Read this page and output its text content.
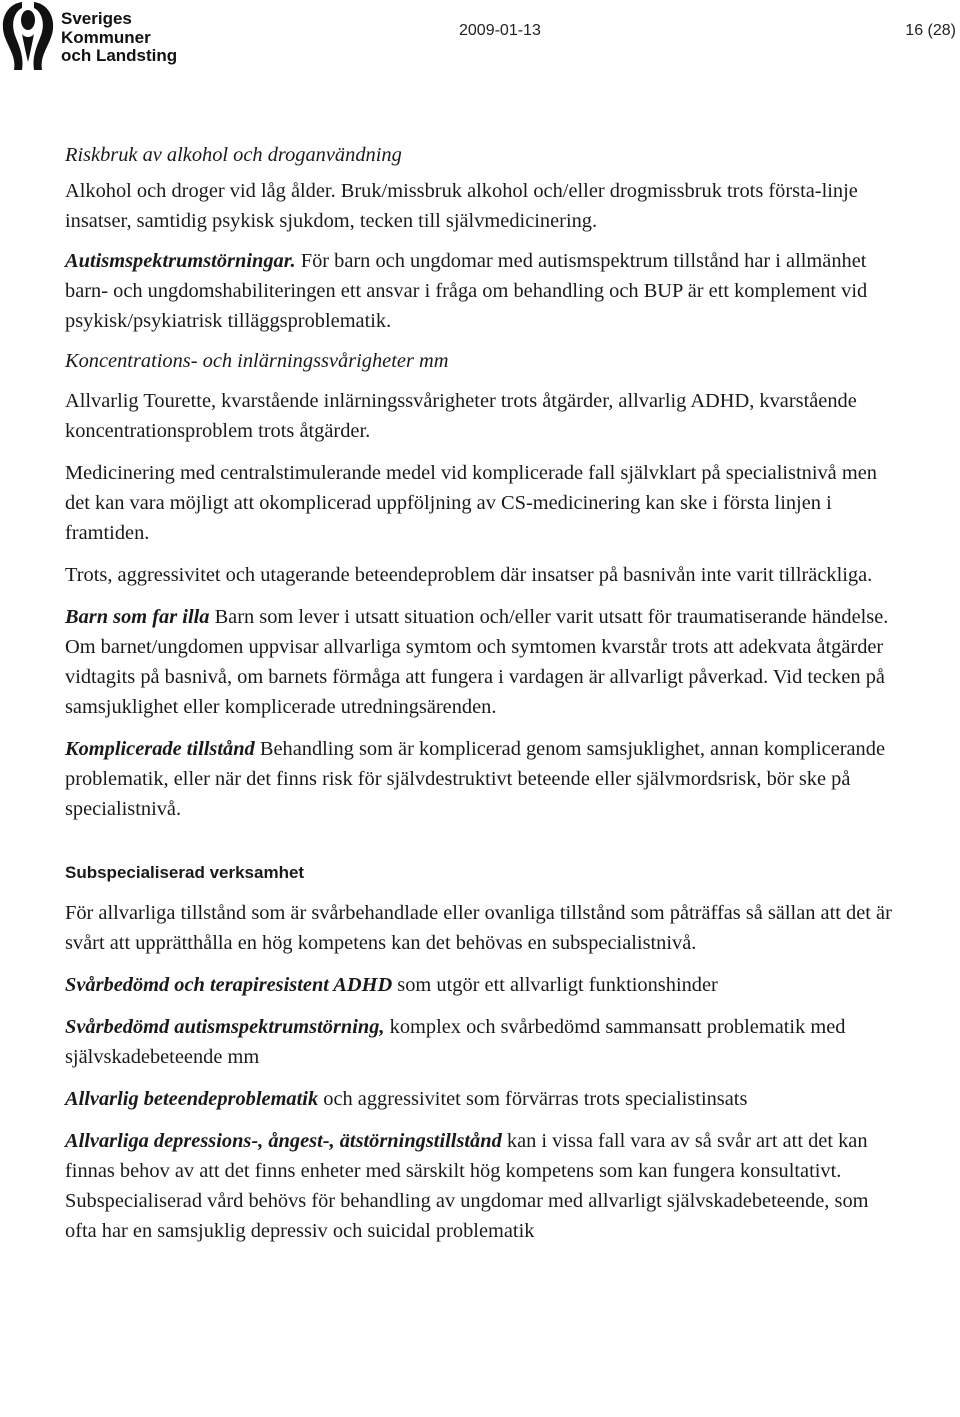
Sveriges
Kommuner
och Landsting
2009-01-13	16 (28)

Riskbruk av alkohol och droganvändning

Alkohol och droger vid låg ålder. Bruk/missbruk alkohol och/eller drogmissbruk trots första-linje insatser, samtidig psykisk sjukdom, tecken till självmedicinering.

Autismspektrumstörningar. För barn och ungdomar med autismspektrum tillstånd har i allmänhet barn- och ungdomshabiliteringen ett ansvar i fråga om behandling och BUP är ett komplement vid psykisk/psykiatrisk tilläggsproblematik.

Koncentrations- och inlärningssvårigheter mm

Allvarlig Tourette, kvarstående inlärningssvårigheter trots åtgärder, allvarlig ADHD, kvarstående koncentrationsproblem trots åtgärder.

Medicinering med centralstimulerande medel vid komplicerade fall självklart på specialistnivå men det kan vara möjligt att okomplicerad uppföljning av CS-medicinering kan ske i första linjen i framtiden.

Trots, aggressivitet och utagerande beteendeproblem där insatser på basnivån inte varit tillräckliga.

Barn som far illa Barn som lever i utsatt situation och/eller varit utsatt för traumatiserande händelse. Om barnet/ungdomen uppvisar allvarliga symtom och symtomen kvarstår trots att adekvata åtgärder vidtagits på basnivå, om barnets förmåga att fungera i vardagen är allvarligt påverkad. Vid tecken på samsjuklighet eller komplicerade utredningsärenden.

Komplicerade tillstånd Behandling som är komplicerad genom samsjuklighet, annan komplicerande problematik, eller när det finns risk för självdestruktivt beteende eller självmordsrisk, bör ske på specialistnivå.

Subspecialiserad verksamhet

För allvarliga tillstånd som är svårbehandlade eller ovanliga tillstånd som påträffas så sällan att det är svårt att upprätthålla en hög kompetens kan det behövas en subspecialistnivå.

Svårbedömd och terapiresistent ADHD som utgör ett allvarligt funktionshinder

Svårbedömd autismspektrumstörning, komplex och svårbedömd sammansatt problematik med självskadebeteende mm

Allvarlig beteendeproblematik och aggressivitet som förvärras trots specialistinsats

Allvarliga depressions-, ångest-, ätstörningstillstånd kan i vissa fall vara av så svår art att det kan finnas behov av att det finns enheter med särskilt hög kompetens som kan fungera konsultativt. Subspecialiserad vård behövs för behandling av ungdomar med allvarligt självskadebeteende, som ofta har en samsjuklig depressiv och suicidal problematik
